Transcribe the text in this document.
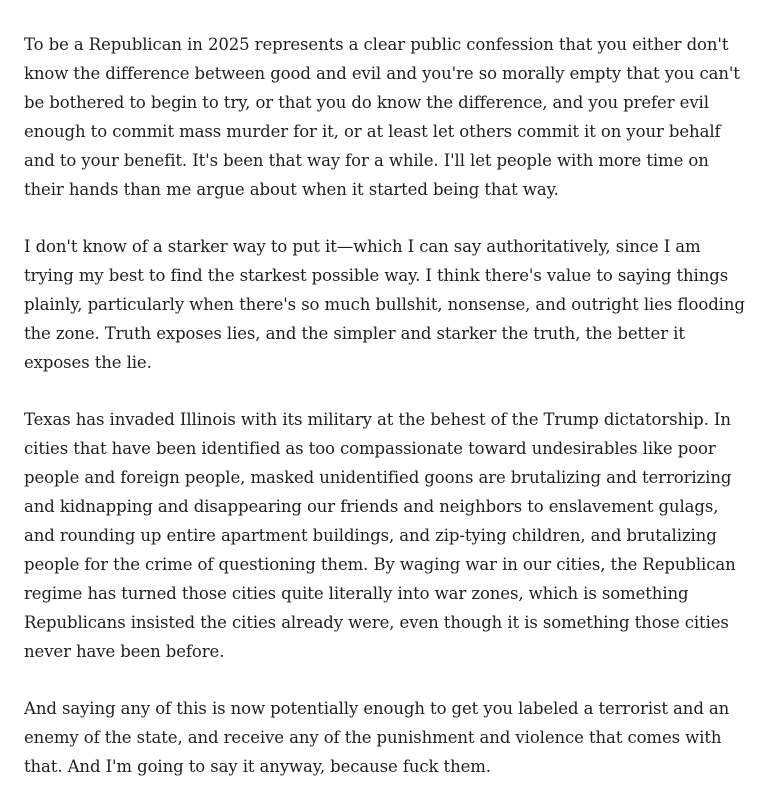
To be a Republican in 2025 represents a clear public confession that you either don't know the difference between good and evil and you're so morally empty that you can't be bothered to begin to try, or that you do know the difference, and you prefer evil enough to commit mass murder for it, or at least let others commit it on your behalf and to your benefit. It's been that way for a while. I'll let people with more time on their hands than me argue about when it started being that way.

I don't know of a starker way to put it—which I can say authoritatively, since I am trying my best to find the starkest possible way. I think there's value to saying things plainly, particularly when there's so much bullshit, nonsense, and outright lies flooding the zone. Truth exposes lies, and the simpler and starker the truth, the better it exposes the lie.

Texas has invaded Illinois with its military at the behest of the Trump dictatorship. In cities that have been identified as too compassionate toward undesirables like poor people and foreign people, masked unidentified goons are brutalizing and terrorizing and kidnapping and disappearing our friends and neighbors to enslavement gulags, and rounding up entire apartment buildings, and zip-tying children, and brutalizing people for the crime of questioning them. By waging war in our cities, the Republican regime has turned those cities quite literally into war zones, which is something Republicans insisted the cities already were, even though it is something those cities never have been before.

And saying any of this is now potentially enough to get you labeled a terrorist and an enemy of the state, and receive any of the punishment and violence that comes with that. And I'm going to say it anyway, because fuck them.
